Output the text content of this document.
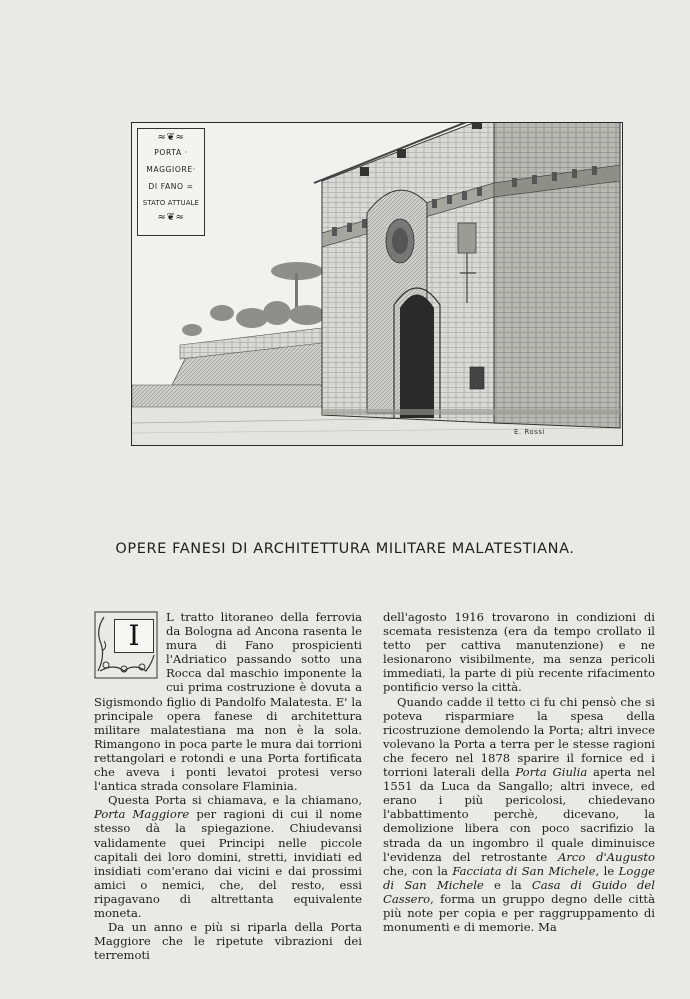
≈❦≈
PORTA ·
MAGGIORE·
DI FANO =
STATO ATTUALE
≈❦≈
E. Rossi
OPERE FANESI DI ARCHITETTURA MILITARE MALATESTIANA.
I

L tratto litoraneo della ferrovia da Bologna ad Ancona rasenta le mura di Fano prospicienti l'Adriatico passando sotto una Rocca dal maschio imponente la cui prima costruzione è dovuta a Sigismondo figlio di Pandolfo Malatesta. E' la principale opera fanese di architettura militare malatestiana ma non è la sola. Rimangono in poca parte le mura dai torrioni rettangolari e rotondi e una Porta fortificata che aveva i ponti levatoi protesi verso l'antica strada consolare Flaminia.

Questa Porta si chiamava, e la chiamano, Porta Maggiore per ragioni di cui il nome stesso dà la spiegazione. Chiudevansi validamente quei Principi nelle piccole capitali dei loro domini, stretti, invidiati ed insidiati com'erano dai vicini e dai prossimi amici o nemici, che, del resto, essi ripagavano di altrettanta equivalente moneta.

Da un anno e più si riparla della Porta Maggiore che le ripetute vibrazioni dei terremoti

dell'agosto 1916 trovarono in condizioni di scemata resistenza (era da tempo crollato il tetto per cattiva manutenzione) e ne lesionarono visibilmente, ma senza pericoli immediati, la parte di più recente rifacimento pontificio verso la città.

Quando cadde il tetto ci fu chi pensò che si poteva risparmiare la spesa della ricostruzione demolendo la Porta; altri invece volevano la Porta a terra per le stesse ragioni che fecero nel 1878 sparire il fornice ed i torrioni laterali della Porta Giulia aperta nel 1551 da Luca da Sangallo; altri invece, ed erano i più pericolosi, chiedevano l'abbattimento perchè, dicevano, la demolizione libera con poco sacrifizio la strada da un ingombro il quale diminuisce l'evidenza del retrostante Arco d'Augusto che, con la Facciata di San Michele, le Logge di San Michele e la Casa di Guido del Cassero, forma un gruppo degno delle città più note per copia e per raggruppamento di monumenti e di memorie. Ma
